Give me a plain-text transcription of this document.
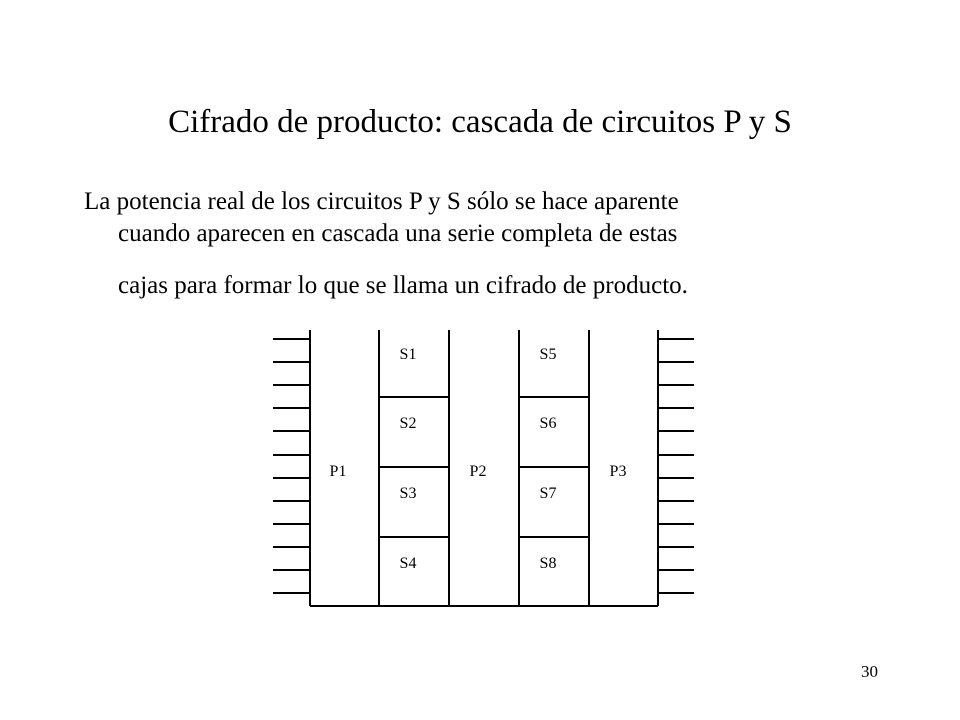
Cifrado de producto: cascada de circuitos P y S

La potencia real de los circuitos P y S sólo se hace aparente
cuando aparecen en cascada una serie completa de estas
cajas para formar lo que se llama un cifrado de producto.

P1	P2	P3
S1
S2
S3
S4
S5
S6
S7
S8
30
